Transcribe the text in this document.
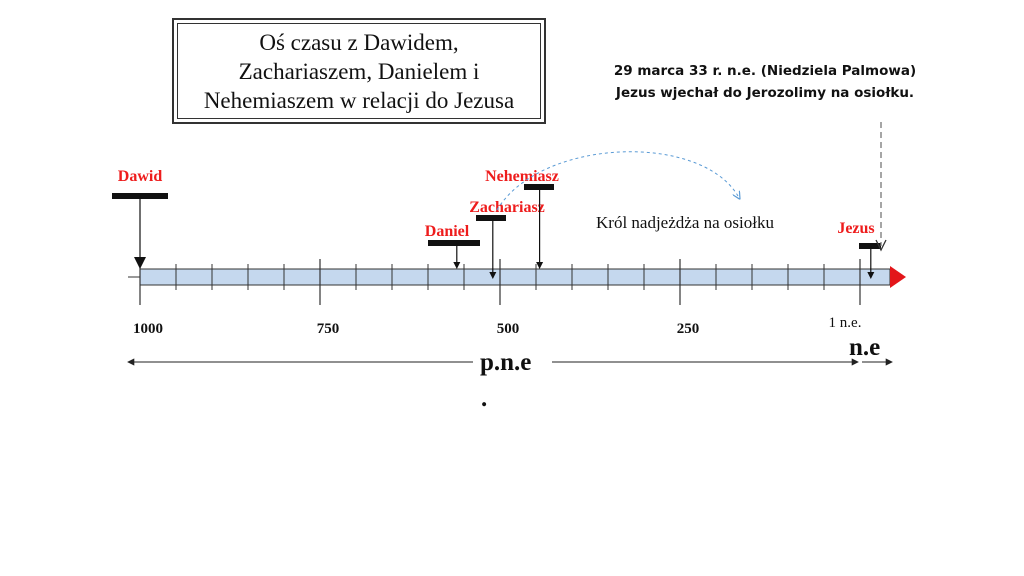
Oś czasu z Dawidem,
Zachariaszem, Danielem i
Nehemiaszem w relacji do Jezusa
29 marca 33 r. n.e. (Niedziela Palmowa)
Jezus wjechał do Jerozolimy na osiołku.
1000	750	500	250	1 n.e.
Dawid
Daniel
Zachariasz
Nehemiasz
Jezus
Król nadjeżdża na osiołku
p.n.e
.
n.e
